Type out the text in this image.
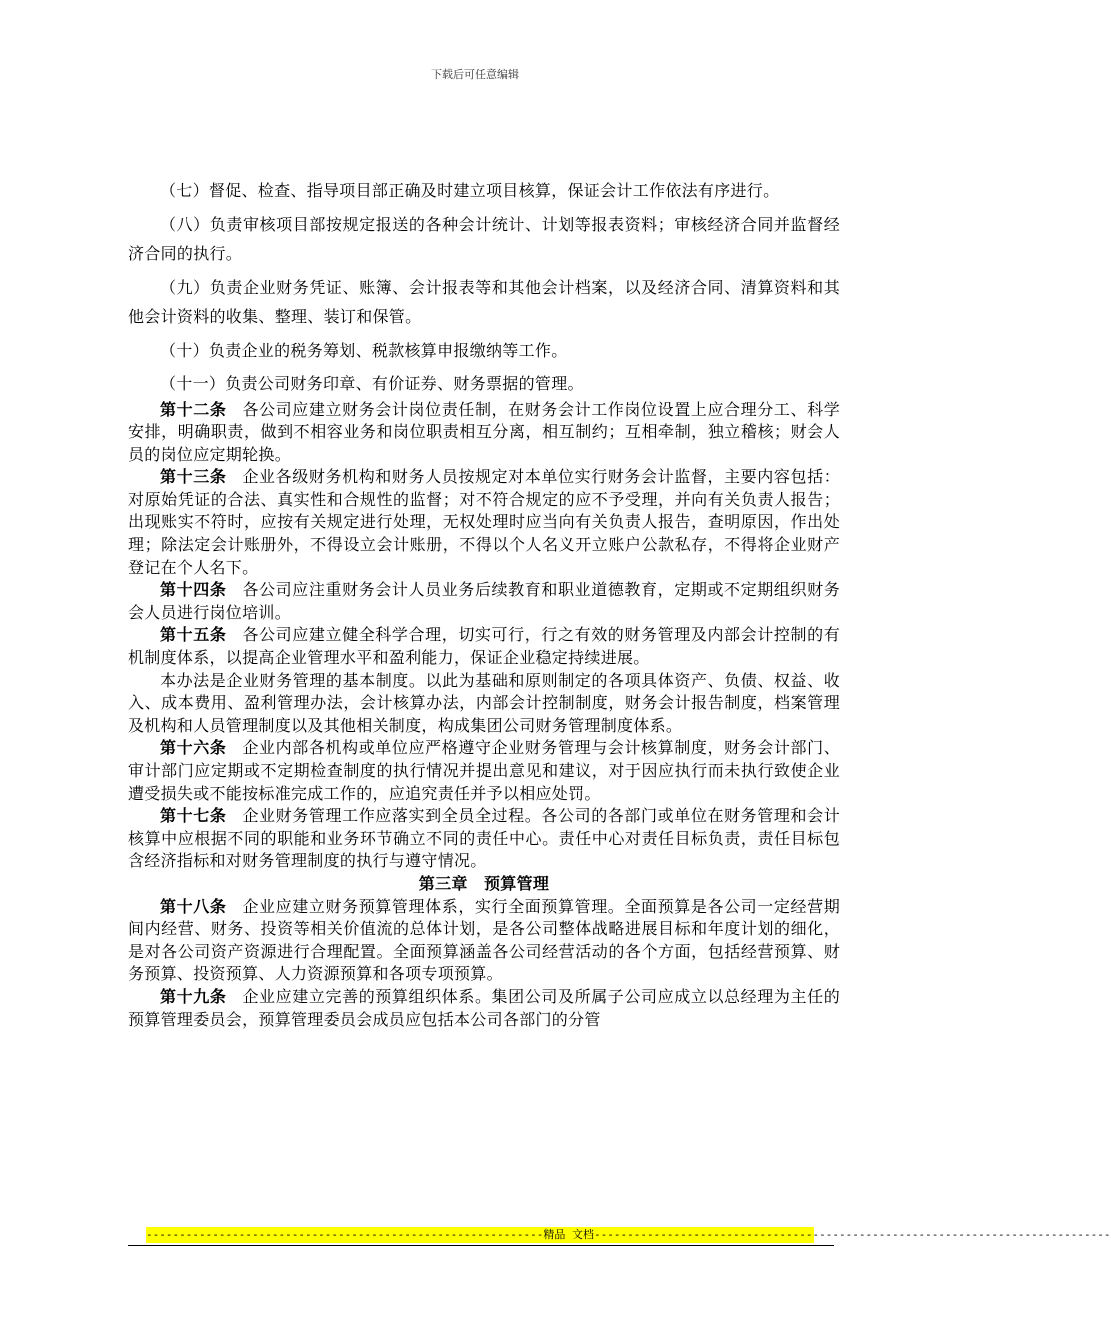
下载后可任意编辑

（七）督促、检查、指导项目部正确及时建立项目核算，保证会计工作依法有序进行。

（八）负责审核项目部按规定报送的各种会计统计、计划等报表资料；审核经济合同并监督经济合同的执行。

（九）负责企业财务凭证、账簿、会计报表等和其他会计档案，以及经济合同、清算资料和其他会计资料的收集、整理、装订和保管。

（十）负责企业的税务筹划、税款核算申报缴纳等工作。

（十一）负责公司财务印章、有价证券、财务票据的管理。

第十二条 各公司应建立财务会计岗位责任制，在财务会计工作岗位设置上应合理分工、科学安排，明确职责，做到不相容业务和岗位职责相互分离，相互制约；互相牵制，独立稽核；财会人员的岗位应定期轮换。

第十三条 企业各级财务机构和财务人员按规定对本单位实行财务会计监督，主要内容包括：对原始凭证的合法、真实性和合规性的监督；对不符合规定的应不予受理，并向有关负责人报告；出现账实不符时，应按有关规定进行处理，无权处理时应当向有关负责人报告，查明原因，作出处理；除法定会计账册外，不得设立会计账册，不得以个人名义开立账户公款私存，不得将企业财产登记在个人名下。

第十四条 各公司应注重财务会计人员业务后续教育和职业道德教育，定期或不定期组织财务会人员进行岗位培训。

第十五条 各公司应建立健全科学合理，切实可行，行之有效的财务管理及内部会计控制的有机制度体系，以提高企业管理水平和盈利能力，保证企业稳定持续进展。

本办法是企业财务管理的基本制度。以此为基础和原则制定的各项具体资产、负债、权益、收入、成本费用、盈利管理办法，会计核算办法，内部会计控制制度，财务会计报告制度，档案管理及机构和人员管理制度以及其他相关制度，构成集团公司财务管理制度体系。

第十六条 企业内部各机构或单位应严格遵守企业财务管理与会计核算制度，财务会计部门、审计部门应定期或不定期检查制度的执行情况并提出意见和建议，对于因应执行而未执行致使企业遭受损失或不能按标准完成工作的，应追究责任并予以相应处罚。

第十七条 企业财务管理工作应落实到全员全过程。各公司的各部门或单位在财务管理和会计核算中应根据不同的职能和业务环节确立不同的责任中心。责任中心对责任目标负责，责任目标包含经济指标和对财务管理制度的执行与遵守情况。

第三章　预算管理

第十八条 企业应建立财务预算管理体系，实行全面预算管理。全面预算是各公司一定经营期间内经营、财务、投资等相关价值流的总体计划，是各公司整体战略进展目标和年度计划的细化，是对各公司资产资源进行合理配置。全面预算涵盖各公司经营活动的各个方面，包括经营预算、财务预算、投资预算、人力资源预算和各项专项预算。

第十九条 企业应建立完善的预算组织体系。集团公司及所属子公司应成立以总经理为主任的预算管理委员会，预算管理委员会成员应包括本公司各部门的分管

------------------------------------------------------------精品 文档------------------------------------------------------------------------------
